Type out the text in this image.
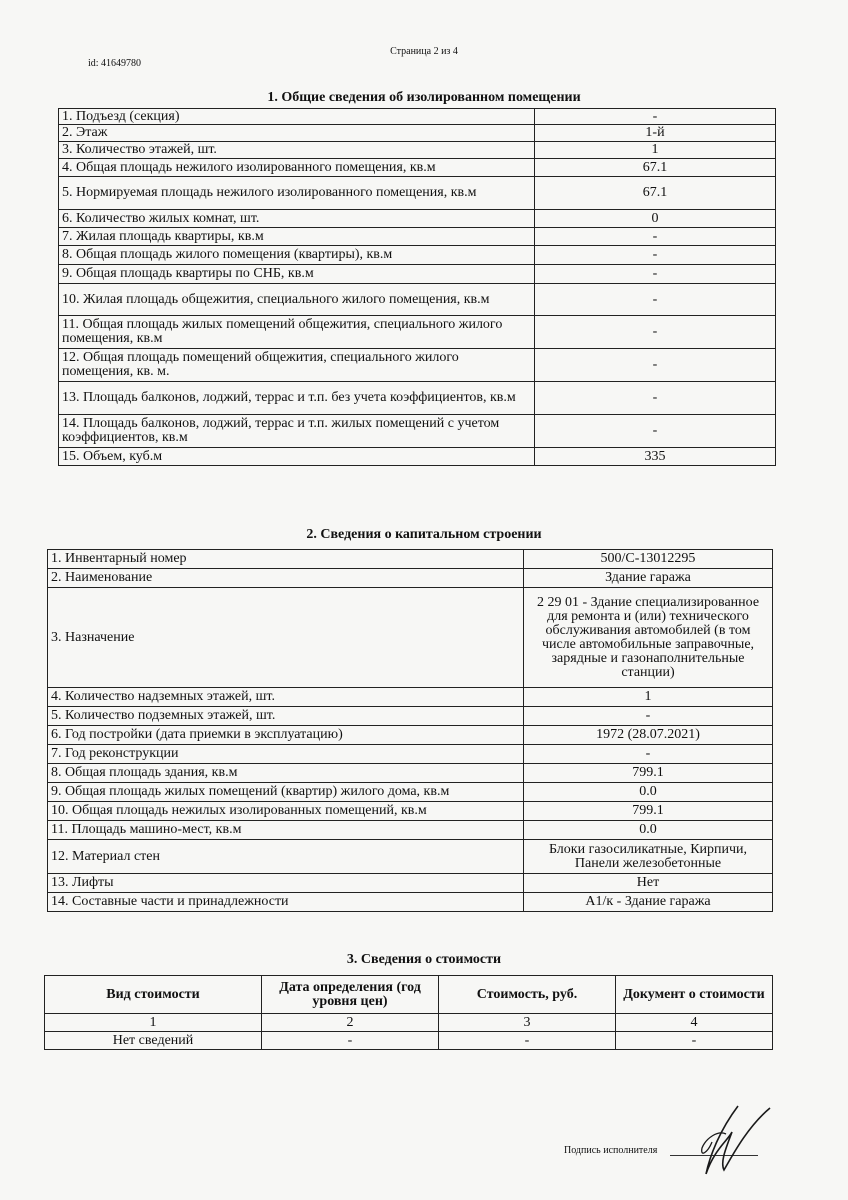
Страница 2 из 4
id: 41649780
1. Общие сведения об изолированном помещении
1. Подъезд (секция)	-
2. Этаж	1-й
3. Количество этажей, шт.	1
4. Общая площадь нежилого изолированного помещения, кв.м	67.1
5. Нормируемая площадь нежилого изолированного помещения, кв.м	67.1
6. Количество жилых комнат, шт.	0
7. Жилая площадь квартиры, кв.м	-
8. Общая площадь жилого помещения (квартиры), кв.м	-
9. Общая площадь квартиры по СНБ, кв.м	-
10. Жилая площадь общежития, специального жилого помещения, кв.м	-
11. Общая площадь жилых помещений общежития, специального жилого помещения, кв.м	-
12. Общая площадь помещений общежития, специального жилого помещения, кв. м.	-
13. Площадь балконов, лоджий, террас и т.п. без учета коэффициентов, кв.м	-
14. Площадь балконов, лоджий, террас и т.п. жилых помещений с учетом коэффициентов, кв.м	-
15. Объем, куб.м	335
2. Сведения о капитальном строении
1. Инвентарный номер	500/С-13012295
2. Наименование	Здание гаража
3. Назначение	2 29 01 - Здание специализированное для ремонта и (или) технического обслуживания автомобилей (в том числе автомобильные заправочные, зарядные и газонаполнительные станции)
4. Количество надземных этажей, шт.	1
5. Количество подземных этажей, шт.	-
6. Год постройки (дата приемки в эксплуатацию)	1972 (28.07.2021)
7. Год реконструкции	-
8. Общая площадь здания, кв.м	799.1
9. Общая площадь жилых помещений (квартир) жилого дома, кв.м	0.0
10. Общая площадь нежилых изолированных помещений, кв.м	799.1
11. Площадь машино-мест, кв.м	0.0
12. Материал стен	Блоки газосиликатные, Кирпичи, Панели железобетонные
13. Лифты	Нет
14. Составные части и принадлежности	А1/к - Здание гаража
3. Сведения о стоимости
Вид стоимости	Дата определения (год уровня цен)	Стоимость, руб.	Документ о стоимости
1	2	3	4
Нет сведений	-	-	-
Подпись исполнителя
